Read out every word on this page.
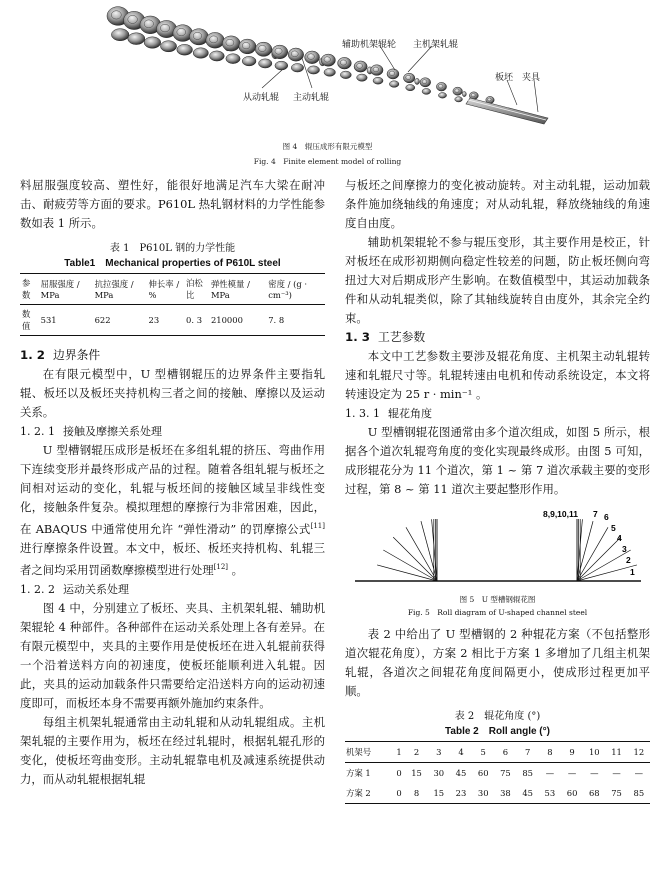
辅助机架辊轮 主机架轧辊
板坯 夹具
从动轧辊 主动轧辊
图 4　辊压成形有限元模型
Fig. 4　Finite element model of rolling

料屈服强度较高、塑性好，能很好地满足汽车大梁在耐冲击、耐疲劳等方面的要求。P610L 热轧钢材料的力学性能参数如表 1 所示。

表 1　P610L 钢的力学性能
Table1　Mechanical properties of P610L steel
参数	屈服强度 / MPa	抗拉强度 / MPa	伸长率 / %	泊松比	弹性模量 / MPa	密度 / (g · cm⁻³)
数值	531	622	23	0. 3	210000	7. 8
1. 2 边界条件

在有限元模型中，U 型槽钢辊压的边界条件主要指轧辊、板坯以及板坯夹持机构三者之间的接触、摩擦以及运动关系。

1. 2. 1 接触及摩擦关系处理

U 型槽钢辊压成形是板坯在多组轧辊的挤压、弯曲作用下连续变形并最终形成产品的过程。随着各组轧辊与板坯之间相对运动的变化，轧辊与板坯间的接触区域呈非线性变化，接触条件复杂。模拟理想的摩擦行为非常困难，因此，在 ABAQUS 中通常使用允许 “弹性滑动” 的罚摩擦公式[11] 进行摩擦条件设置。本文中，板坯、板坯夹持机构、轧辊三者之间均采用罚函数摩擦模型进行处理[12] 。

1. 2. 2 运动关系处理

图 4 中，分别建立了板坯、夹具、主机架轧辊、辅助机架辊轮 4 种部件。各种部件在运动关系处理上各有差异。在有限元模型中，夹具的主要作用是使板坯在进入轧辊前获得一个沿着送料方向的初速度，使板坯能顺利进入轧辊。因此，夹具的运动加载条件只需要给定沿送料方向的运动初速度即可，而板坯本身不需要再额外施加约束条件。

每组主机架轧辊通常由主动轧辊和从动轧辊组成。主机架轧辊的主要作用为，板坯在经过轧辊时，根据轧辊孔形的变化，使板坯弯曲变形。主动轧辊靠电机及减速系统提供动力，而从动轧辊根据轧辊

与板坯之间摩擦力的变化被动旋转。对主动轧辊，运动加载条件施加绕轴线的角速度；对从动轧辊，释放绕轴线的角速度自由度。

辅助机架辊轮不参与辊压变形，其主要作用是校正，针对板坯在成形初期侧向稳定性较差的问题，防止板坯侧向弯扭过大对后期成形产生影响。在数值模型中，其运动加载条件和从动轧辊类似，除了其轴线旋转自由度外，其余完全约束。

1. 3 工艺参数

本文中工艺参数主要涉及辊花角度、主机架主动轧辊转速和轧辊尺寸等。轧辊转速由电机和传动系统设定，本文将转速设定为 25 r · min⁻¹ 。

1. 3. 1 辊花角度

U 型槽钢辊花图通常由多个道次组成，如图 5 所示，根据各个道次轧辊弯角度的变化实现最终成形。由图 5 可知，成形辊花分为 11 个道次，第 1 ~ 第 7 道次承载主要的变形过程，第 8 ~ 第 11 道次主要起整形作用。

8,9,10,11 7 6
5
4
3
2
1
图 5　U 型槽钢辊花图
Fig. 5　Roll diagram of U-shaped channel steel

表 2 中给出了 U 型槽钢的 2 种辊花方案（不包括整形道次辊花角度），方案 2 相比于方案 1 多增加了几组主机架轧辊，各道次之间辊花角度间隔更小，使成形过程更加平顺。

表 2　辊花角度 (°)
Table 2　Roll angle (°)
机架号	1	2	3	4	5	6	7	8	9	10	11	12
方案 1	0	15	30	45	60	75	85	—	—	—	—	—
方案 2	0	8	15	23	30	38	45	53	60	68	75	85
